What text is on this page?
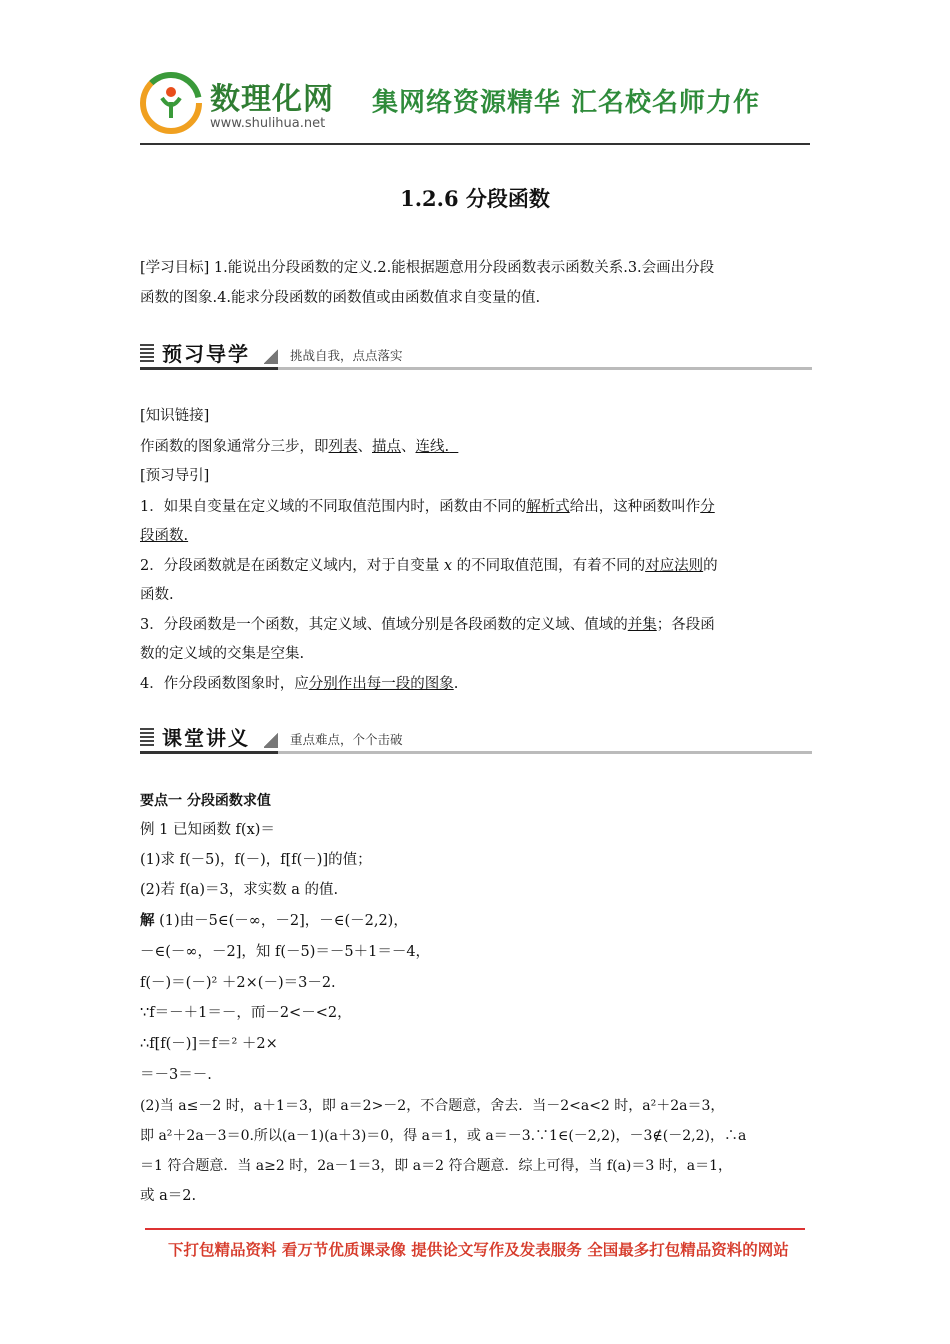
数理化网
www.shulihua.net
集网络资源精华 汇名校名师力作
1.2.6 分段函数
[学习目标] 1.能说出分段函数的定义.2.能根据题意用分段函数表示函数关系.3.会画出分段
函数的图象.4.能求分段函数的函数值或由函数值求自变量的值.
预习导学	挑战自我，点点落实
[知识链接]
作函数的图象通常分三步，即列表、描点、连线.
[预习导引]
1．如果自变量在定义域的不同取值范围内时，函数由不同的解析式给出，这种函数叫作分
段函数.
2．分段函数就是在函数定义域内，对于自变量 x 的不同取值范围，有着不同的对应法则的
函数.
3．分段函数是一个函数，其定义域、值域分别是各段函数的定义域、值域的并集；各段函
数的定义域的交集是空集.
4．作分段函数图象时，应分别作出每一段的图象.
课堂讲义	重点难点，个个击破
要点一 分段函数求值
例 1 已知函数 f(x)＝
(1)求 f(－5)，f(－)，f[f(－)]的值；
(2)若 f(a)＝3，求实数 a 的值.
解 (1)由－5∈(－∞，－2]，－∈(－2,2)，
－∈(－∞，－2]，知 f(－5)＝－5＋1＝－4，
f(－)＝(－)² ＋2×(－)＝3－2.
∵f＝－＋1＝－，而－2<－<2，
∴f[f(－)]＝f＝² ＋2×
＝－3＝－.
(2)当 a≤－2 时，a＋1＝3，即 a＝2>－2，不合题意，舍去．当－2<a<2 时，a²＋2a＝3，
即 a²＋2a－3＝0.所以(a－1)(a＋3)＝0，得 a＝1，或 a＝－3.∵1∈(－2,2)，－3∉(－2,2)，∴a
＝1 符合题意．当 a≥2 时，2a－1＝3，即 a＝2 符合题意．综上可得，当 f(a)＝3 时，a＝1，
或 a＝2.
下打包精品资料 看万节优质课录像 提供论文写作及发表服务 全国最多打包精品资料的网站
